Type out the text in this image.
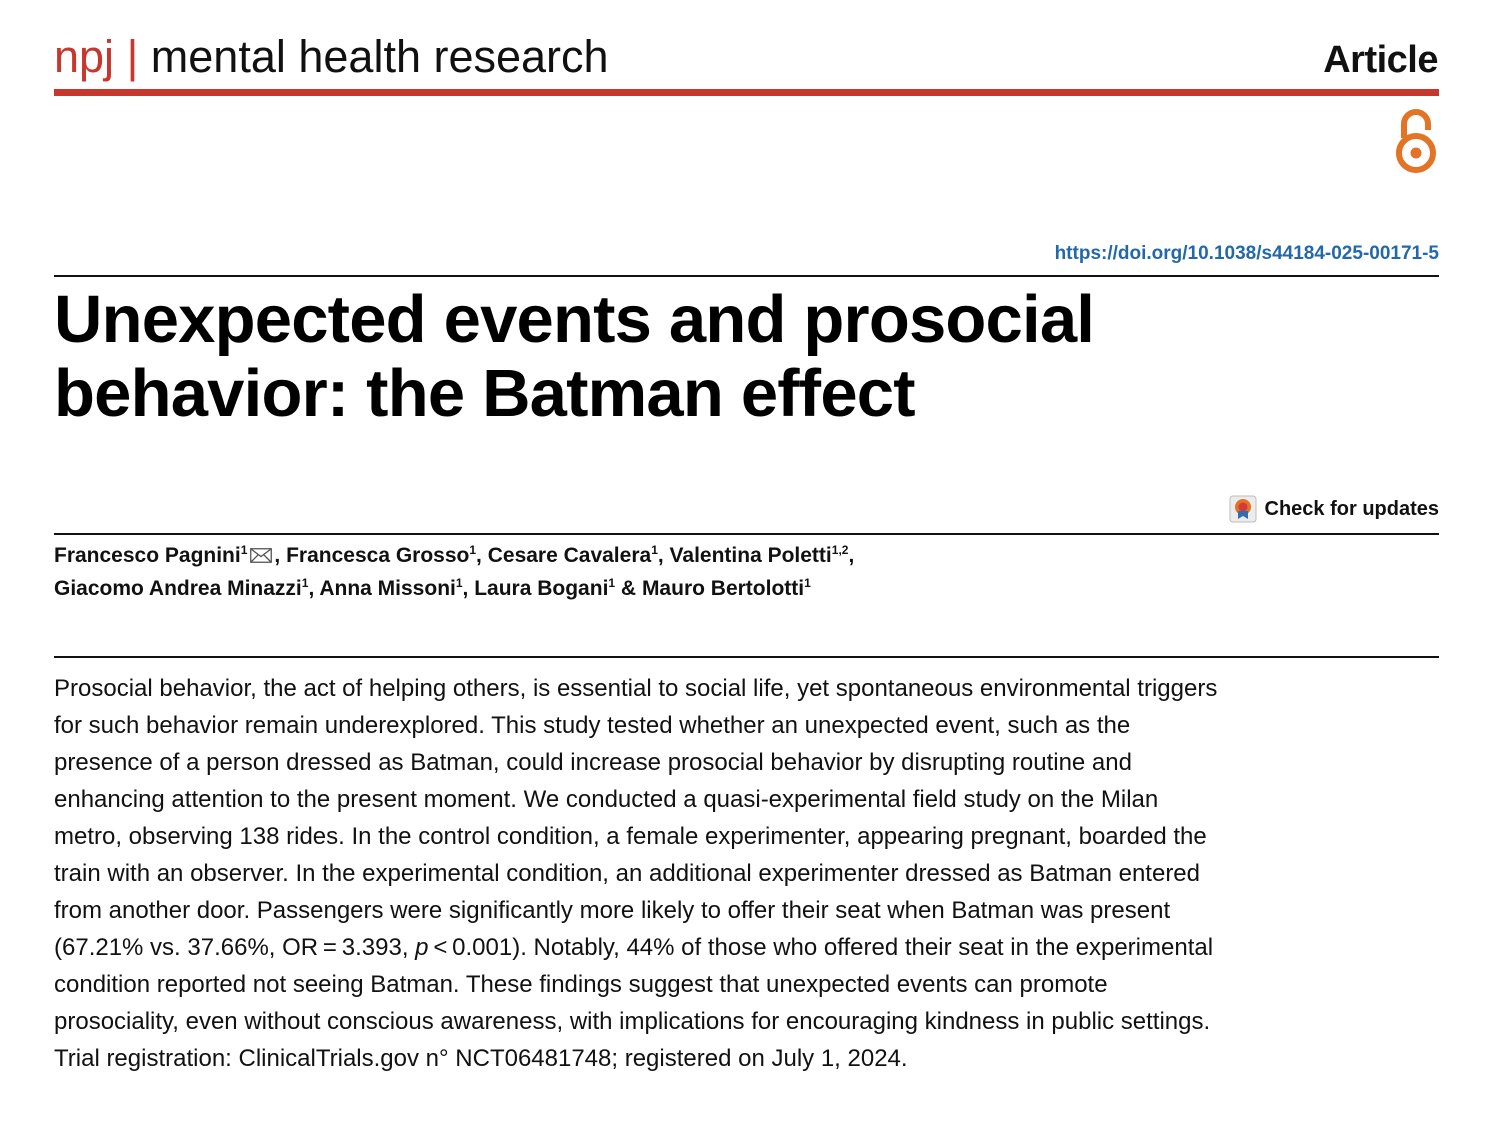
npj | mental health research	Article
https://doi.org/10.1038/s44184-025-00171-5
Unexpected events and prosocial
behavior: the Batman effect
Check for updates
Francesco Pagnini$^1$ , Francesca Grosso$^1$, Cesare Cavalera$^1$, Valentina Poletti$^{1,2}$,
Giacomo Andrea Minazzi$^1$, Anna Missoni$^1$, Laura Bogani$^1$ & Mauro Bertolotti$^1$

Prosocial behavior, the act of helping others, is essential to social life, yet spontaneous environmental triggers for such behavior remain underexplored. This study tested whether an unexpected event, such as the presence of a person dressed as Batman, could increase prosocial behavior by disrupting routine and enhancing attention to the present moment. We conducted a quasi-experimental field study on the Milan metro, observing 138 rides. In the control condition, a female experimenter, appearing pregnant, boarded the train with an observer. In the experimental condition, an additional experimenter dressed as Batman entered from another door. Passengers were significantly more likely to offer their seat when Batman was present (67.21% vs. 37.66%, OR = 3.393, p < 0.001). Notably, 44% of those who offered their seat in the experimental condition reported not seeing Batman. These findings suggest that unexpected events can promote prosociality, even without conscious awareness, with implications for encouraging kindness in public settings. Trial registration: ClinicalTrials.gov n° NCT06481748; registered on July 1, 2024.
